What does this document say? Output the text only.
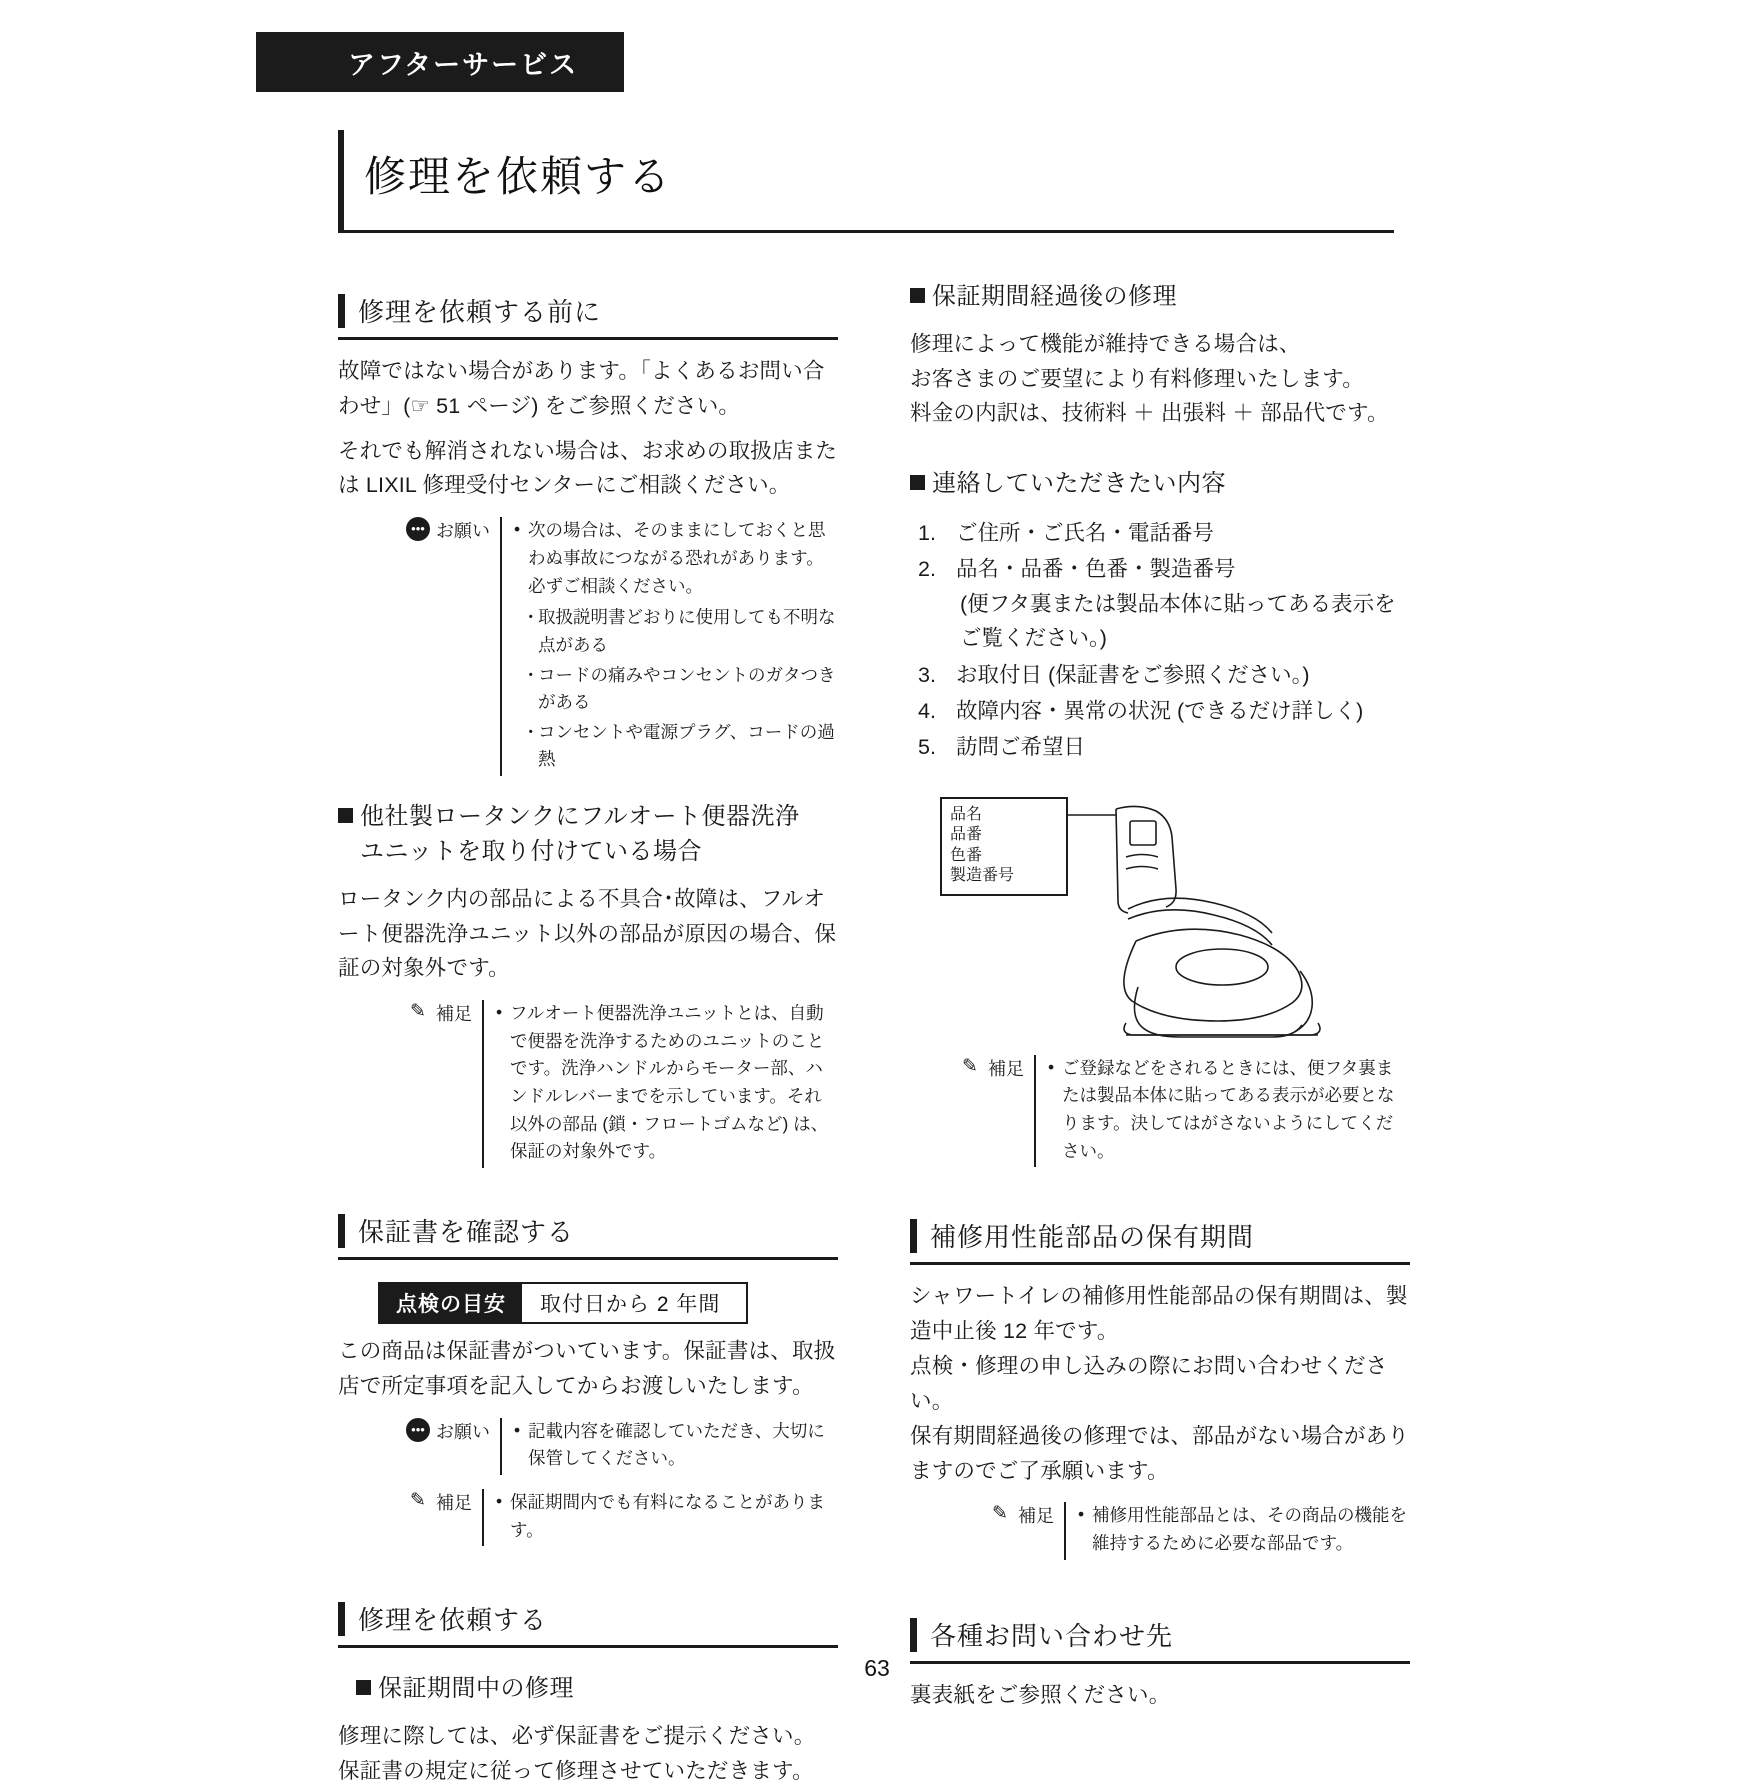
アフターサービス
修理を依頼する
修理を依頼する前に

故障ではない場合があります。「よくあるお問い合わせ」(☞ 51 ページ) をご参照ください。

それでも解消されない場合は、お求めの取扱店または LIXIL 修理受付センターにご相談ください。

••• お願い	• 次の場合は、そのままにしておくと思わぬ事故につながる恐れがあります。必ずご相談ください。
・ 取扱説明書どおりに使用しても不明な点がある
・ コードの痛みやコンセントのガタつきがある
・ コンセントや電源プラグ、コードの過熱
他社製ロータンクにフルオート便器洗浄
ユニットを取り付けている場合

ロータンク内の部品による不具合･故障は、フルオート便器洗浄ユニット以外の部品が原因の場合、保証の対象外です。

✎ 補足	• フルオート便器洗浄ユニットとは、自動で便器を洗浄するためのユニットのことです。洗浄ハンドルからモーター部、ハンドルレバーまでを示しています。それ以外の部品 (鎖・フロートゴムなど) は、保証の対象外です。
保証書を確認する
点検の目安	取付日から 2 年間

この商品は保証書がついています。保証書は、取扱店で所定事項を記入してからお渡しいたします。

••• お願い	• 記載内容を確認していただき、大切に保管してください。
✎ 補足	• 保証期間内でも有料になることがあります。
修理を依頼する
保証期間中の修理

修理に際しては、必ず保証書をご提示ください。

保証書の規定に従って修理させていただきます。

保証期間経過後の修理

修理によって機能が維持できる場合は、

お客さまのご要望により有料修理いたします。

料金の内訳は、技術料 ＋ 出張料 ＋ 部品代です。

連絡していただきたい内容
1. ご住所・ご氏名・電話番号
2. 品名・品番・色番・製造番号
(便フタ裏または製品本体に貼ってある表示をご覧ください。)
3. お取付日 (保証書をご参照ください。)
4. 故障内容・異常の状況 (できるだけ詳しく)
5. 訪問ご希望日
品名
品番
色番
製造番号
✎ 補足	• ご登録などをされるときには、便フタ裏または製品本体に貼ってある表示が必要となります。決してはがさないようにしてください。
補修用性能部品の保有期間

シャワートイレの補修用性能部品の保有期間は、製造中止後 12 年です。

点検・修理の申し込みの際にお問い合わせください。

保有期間経過後の修理では、部品がない場合がありますのでご了承願います。

✎ 補足	• 補修用性能部品とは、その商品の機能を維持するために必要な部品です。
各種お問い合わせ先

裏表紙をご参照ください。

63
